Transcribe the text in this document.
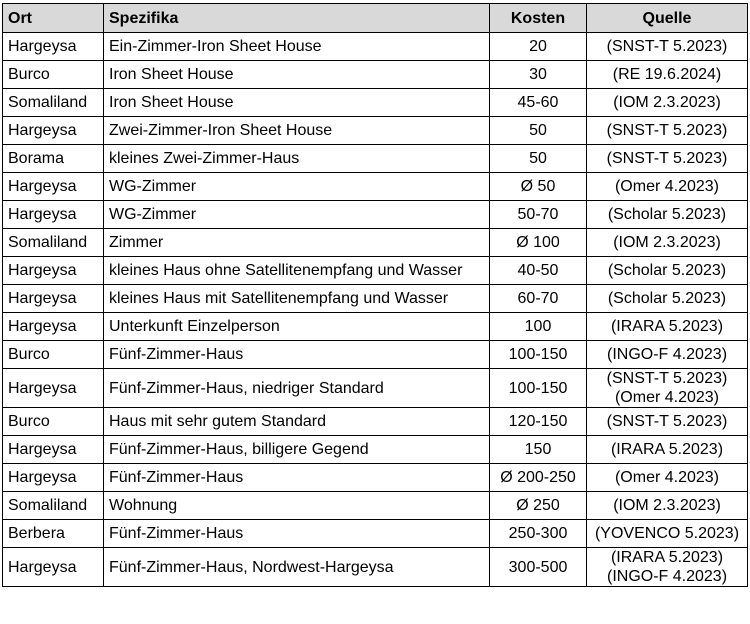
Ort	Spezifika	Kosten	Quelle
Hargeysa	Ein-Zimmer-Iron Sheet House	20	(SNST-T 5.2023)

Burco	Iron Sheet House	30	(RE 19.6.2024)

Somaliland	Iron Sheet House	45-60	(IOM 2.3.2023)

Hargeysa	Zwei-Zimmer-Iron Sheet House	50	(SNST-T 5.2023)

Borama	kleines Zwei-Zimmer-Haus	50	(SNST-T 5.2023)

Hargeysa	WG-Zimmer	Ø 50	(Omer 4.2023)

Hargeysa	WG-Zimmer	50-70	(Scholar 5.2023)

Somaliland	Zimmer	Ø 100	(IOM 2.3.2023)

Hargeysa	kleines Haus ohne Satellitenempfang und Wasser	40-50	(Scholar 5.2023)

Hargeysa	kleines Haus mit Satellitenempfang und Wasser	60-70	(Scholar 5.2023)

Hargeysa	Unterkunft Einzelperson	100	(IRARA 5.2023)

Burco	Fünf-Zimmer-Haus	100-150	(INGO-F 4.2023)

Hargeysa	Fünf-Zimmer-Haus, niedriger Standard	100-150	(SNST-T 5.2023)
(Omer 4.2023)

Burco	Haus mit sehr gutem Standard	120-150	(SNST-T 5.2023)

Hargeysa	Fünf-Zimmer-Haus, billigere Gegend	150	(IRARA 5.2023)

Hargeysa	Fünf-Zimmer-Haus	Ø 200-250	(Omer 4.2023)

Somaliland	Wohnung	Ø 250	(IOM 2.3.2023)

Berbera	Fünf-Zimmer-Haus	250-300	(YOVENCO 5.2023)

Hargeysa	Fünf-Zimmer-Haus, Nordwest-Hargeysa	300-500	(IRARA 5.2023)
(INGO-F 4.2023)
